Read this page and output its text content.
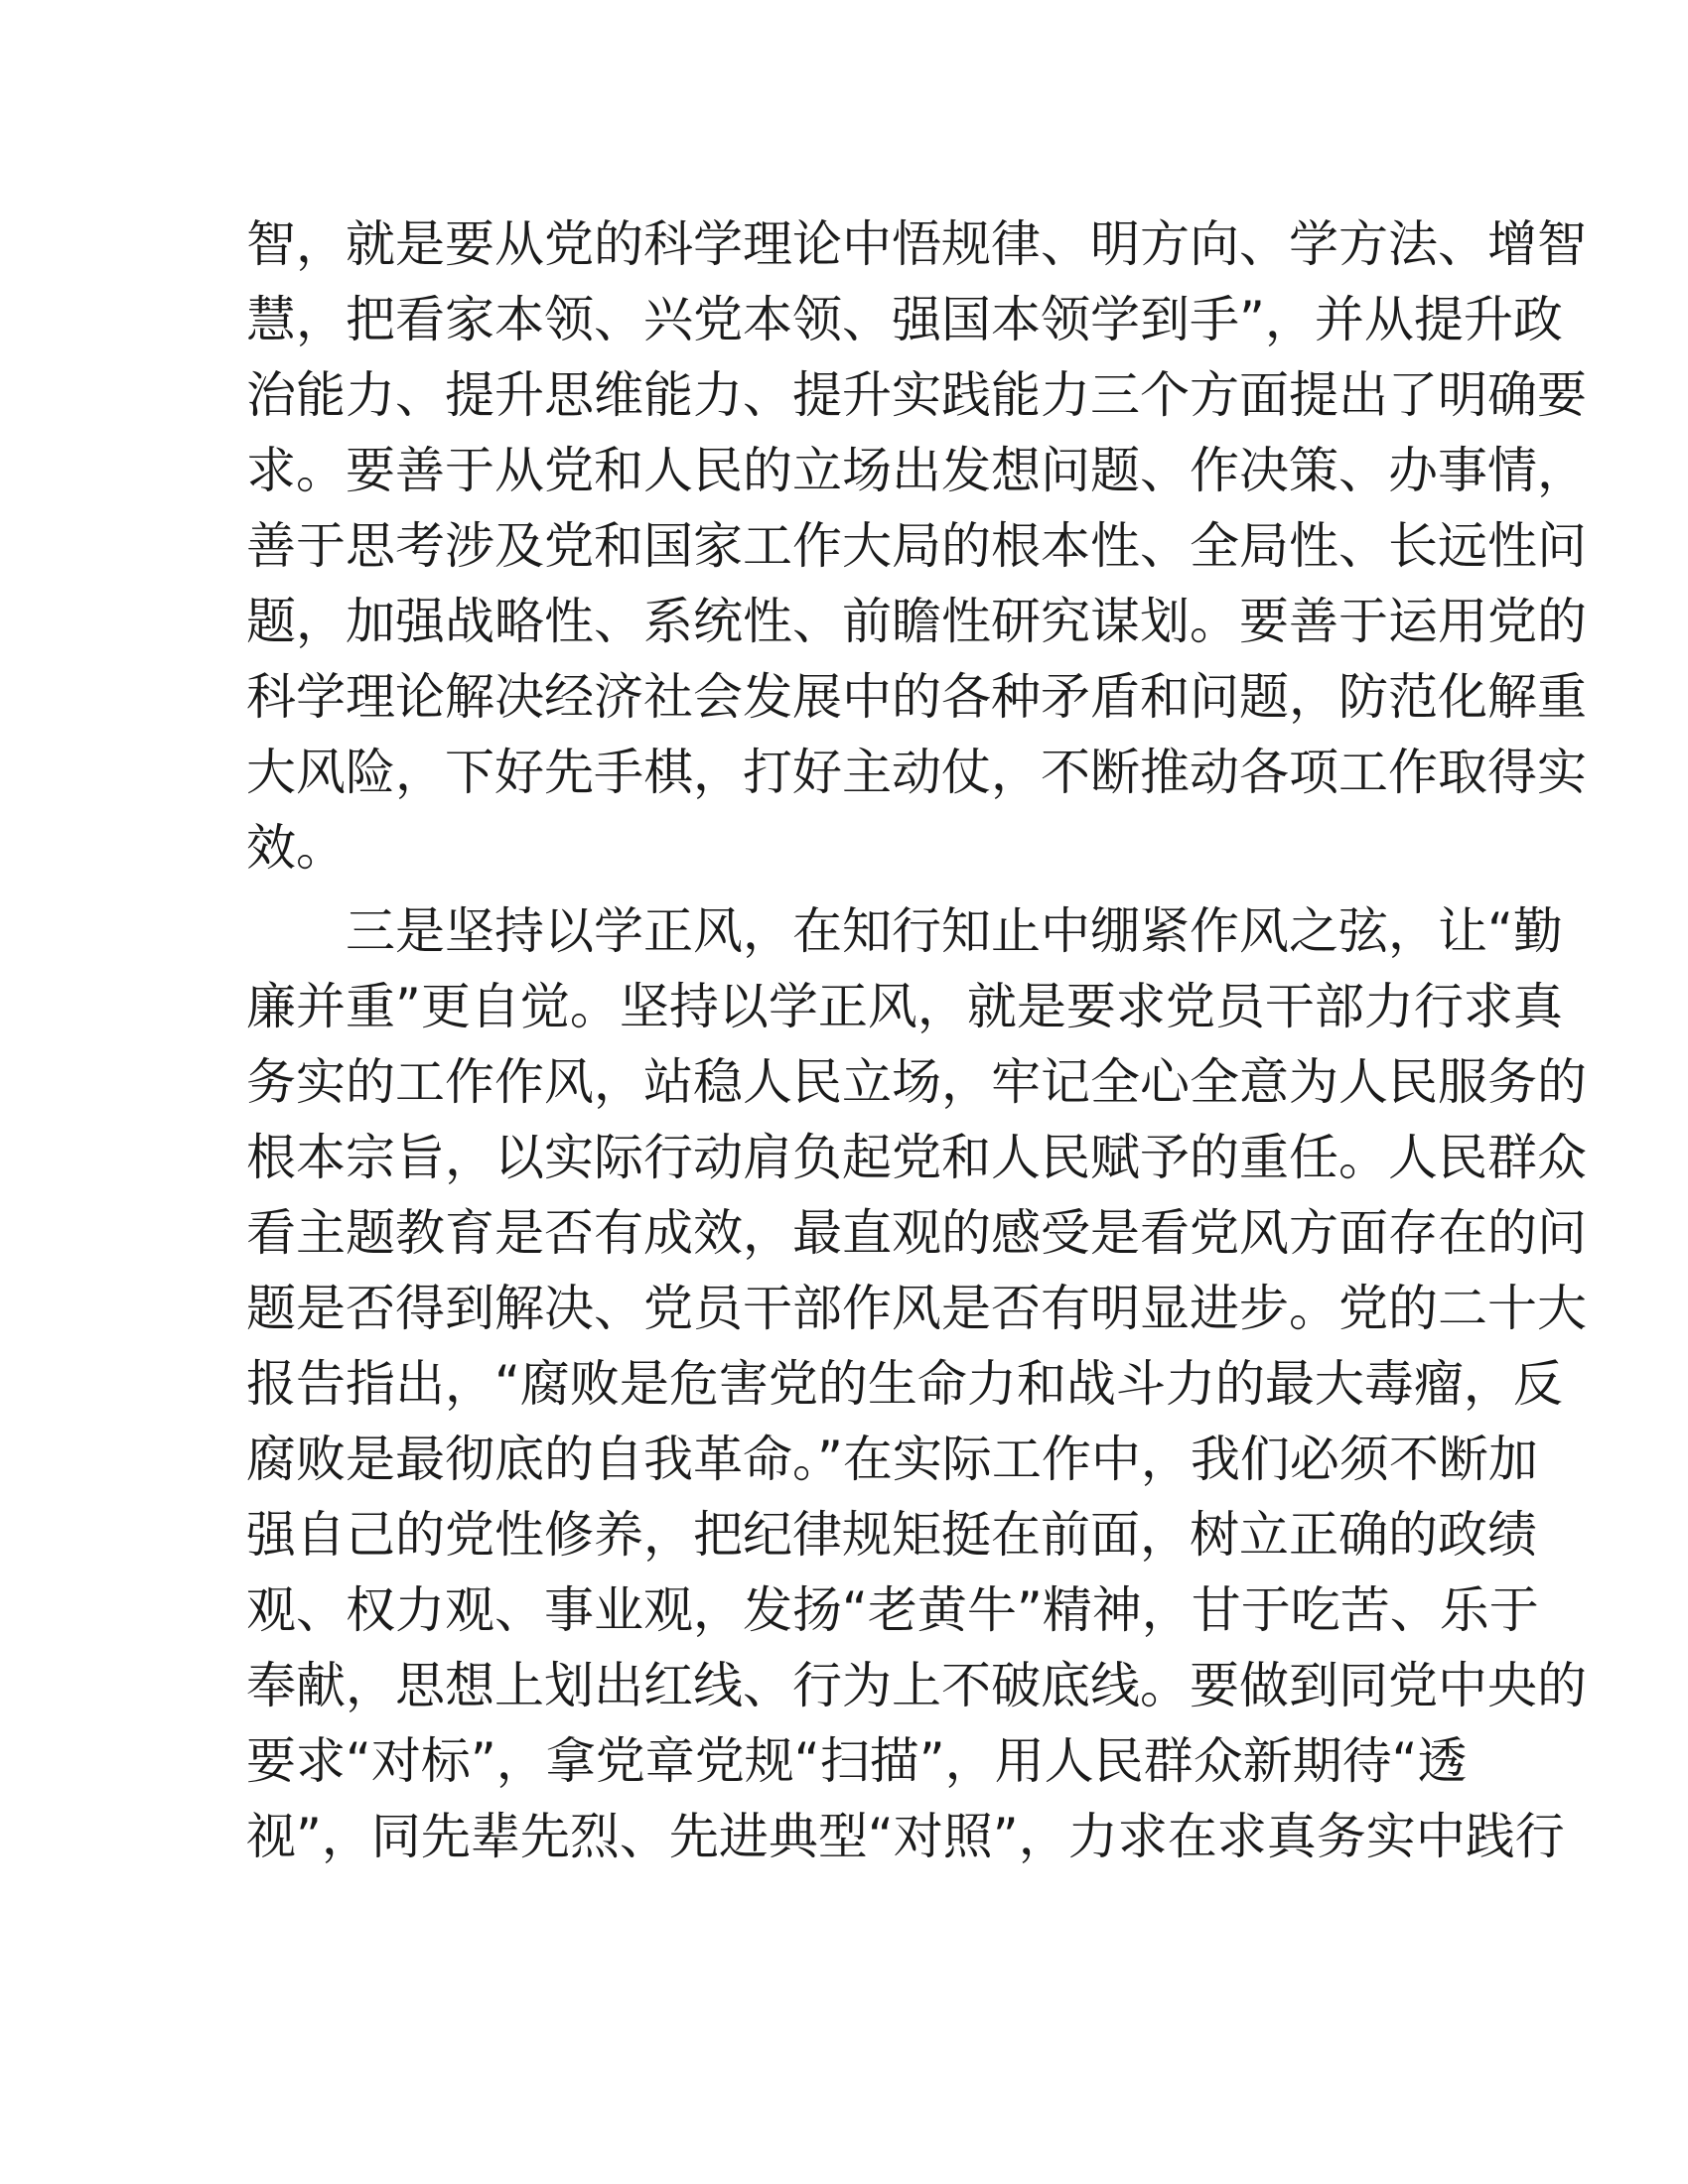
智，就是要从党的科学理论中悟规律、明方向、学方法、增智
慧，把看家本领、兴党本领、强国本领学到手”，并从提升政
治能力、提升思维能力、提升实践能力三个方面提出了明确要
求。要善于从党和人民的立场出发想问题、作决策、办事情，
善于思考涉及党和国家工作大局的根本性、全局性、长远性问
题，加强战略性、系统性、前瞻性研究谋划。要善于运用党的
科学理论解决经济社会发展中的各种矛盾和问题，防范化解重
大风险，下好先手棋，打好主动仗，不断推动各项工作取得实
效。

　　三是坚持以学正风，在知行知止中绷紧作风之弦，让“勤
廉并重”更自觉。坚持以学正风，就是要求党员干部力行求真
务实的工作作风，站稳人民立场，牢记全心全意为人民服务的
根本宗旨，以实际行动肩负起党和人民赋予的重任。人民群众
看主题教育是否有成效，最直观的感受是看党风方面存在的问
题是否得到解决、党员干部作风是否有明显进步。党的二十大
报告指出，“腐败是危害党的生命力和战斗力的最大毒瘤，反
腐败是最彻底的自我革命。”在实际工作中，我们必须不断加
强自己的党性修养，把纪律规矩挺在前面，树立正确的政绩
观、权力观、事业观，发扬“老黄牛”精神，甘于吃苦、乐于
奉献，思想上划出红线、行为上不破底线。要做到同党中央的
要求“对标”，拿党章党规“扫描”，用人民群众新期待“透
视”，同先辈先烈、先进典型“对照”，力求在求真务实中践行
